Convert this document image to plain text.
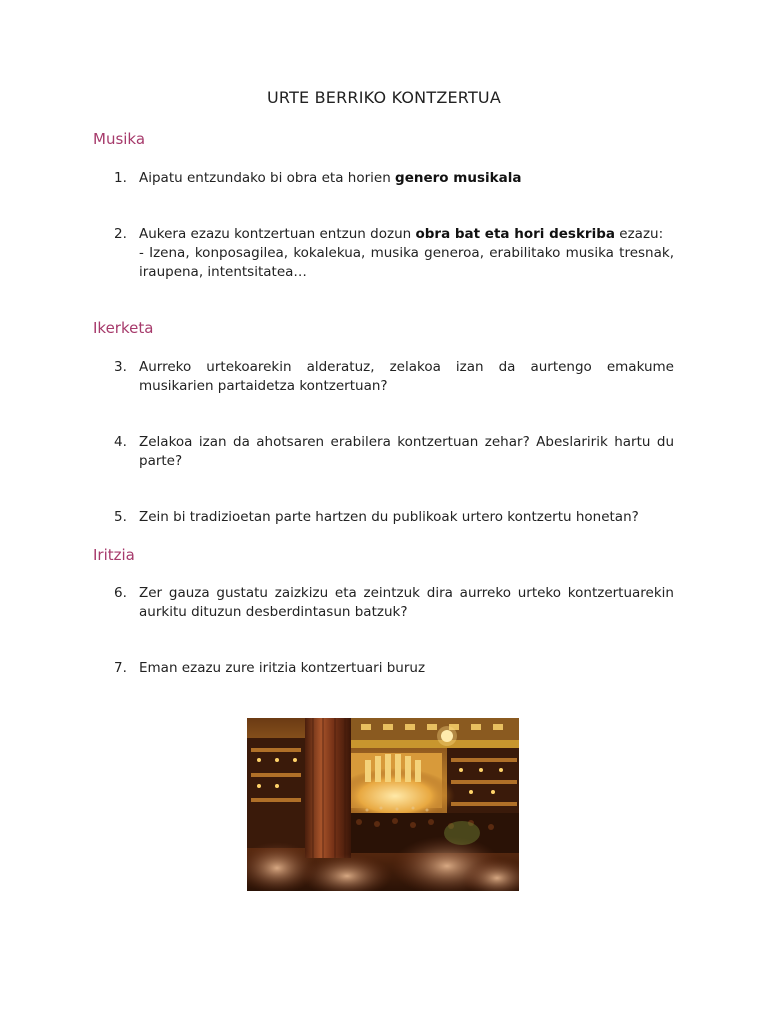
URTE BERRIKO KONTZERTUA
Musika
1. Aipatu entzundako bi obra eta horien genero musikala
2. Aukera ezazu kontzertuan entzun dozun obra bat eta hori deskriba ezazu:
- Izena, konposagilea, kokalekua, musika generoa, erabilitako musika tresnak, iraupena, intentsitatea…
Ikerketa
3. Aurreko urtekoarekin alderatuz, zelakoa izan da aurtengo emakume musikarien partaidetza kontzertuan?
4. Zelakoa izan da ahotsaren erabilera kontzertuan zehar? Abeslaririk hartu du parte?
5. Zein bi tradizioetan parte hartzen du publikoak urtero kontzertu honetan?
Iritzia
6. Zer gauza gustatu zaizkizu eta zeintzuk dira aurreko urteko kontzertuarekin aurkitu dituzun desberdintasun batzuk?
7. Eman ezazu zure iritzia kontzertuari buruz
